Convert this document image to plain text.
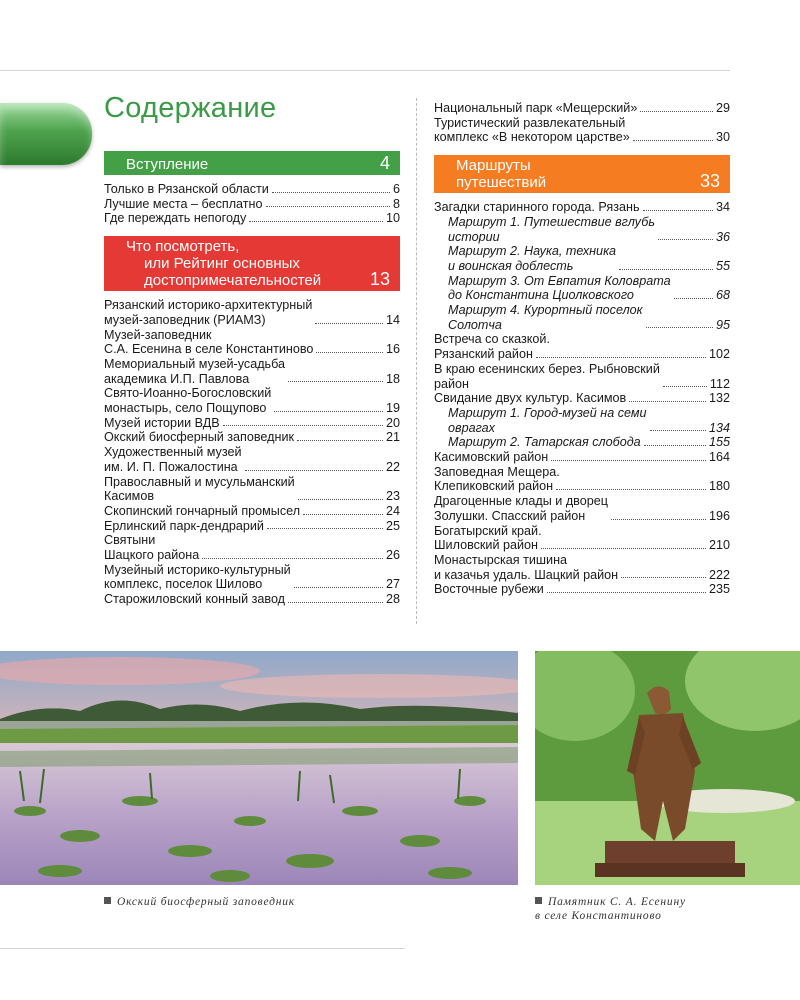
Содержание
Вступление	4
Только в Рязанской области	6
Лучшие места – бесплатно	8
Где переждать непогоду	10
Что посмотреть,
или Рейтинг основных
достопримечательностей	13
Рязанский историко-архитектурный
музей-заповедник (РИАМЗ)	14
Музей-заповедник
С.А. Есенина в селе Константиново	16
Мемориальный музей-усадьба
академика И.П. Павлова	18
Свято-Иоанно-Богословский
монастырь, село Пощупово	19
Музей истории ВДВ	20
Окский биосферный заповедник	21
Художественный музей
им. И. П. Пожалостина	22
Православный и мусульманский
Касимов	23
Скопинский гончарный промысел	24
Ерлинский парк-дендрарий	25
Святыни
Шацкого района	26
Музейный историко-культурный
комплекс, поселок Шилово	27
Старожиловский конный завод	28
Национальный парк «Мещерский»	29
Туристический развлекательный
комплекс «В некотором царстве»	30
Маршруты
путешествий	33
Загадки старинного города. Рязань	34
Маршрут 1. Путешествие вглубь
истории	36
Маршрут 2. Наука, техника
и воинская доблесть	55
Маршрут 3. От Евпатия Коловрата
до Константина Циолковского	68
Маршрут 4. Курортный поселок
Солотча	95
Встреча со сказкой.
Рязанский район	102
В краю есенинских берез. Рыбновский
район	112
Свидание двух культур. Касимов	132
Маршрут 1. Город-музей на семи
оврагах	134
Маршрут 2. Татарская слобода	155
Касимовский район	164
Заповедная Мещера.
Клепиковский район	180
Драгоценные клады и дворец
Золушки. Спасский район	196
Богатырский край.
Шиловский район	210
Монастырская тишина
и казачья удаль. Шацкий район	222
Восточные рубежи	235
Окский биосферный заповедник	Памятник С. А. Есенину
в селе Константиново
